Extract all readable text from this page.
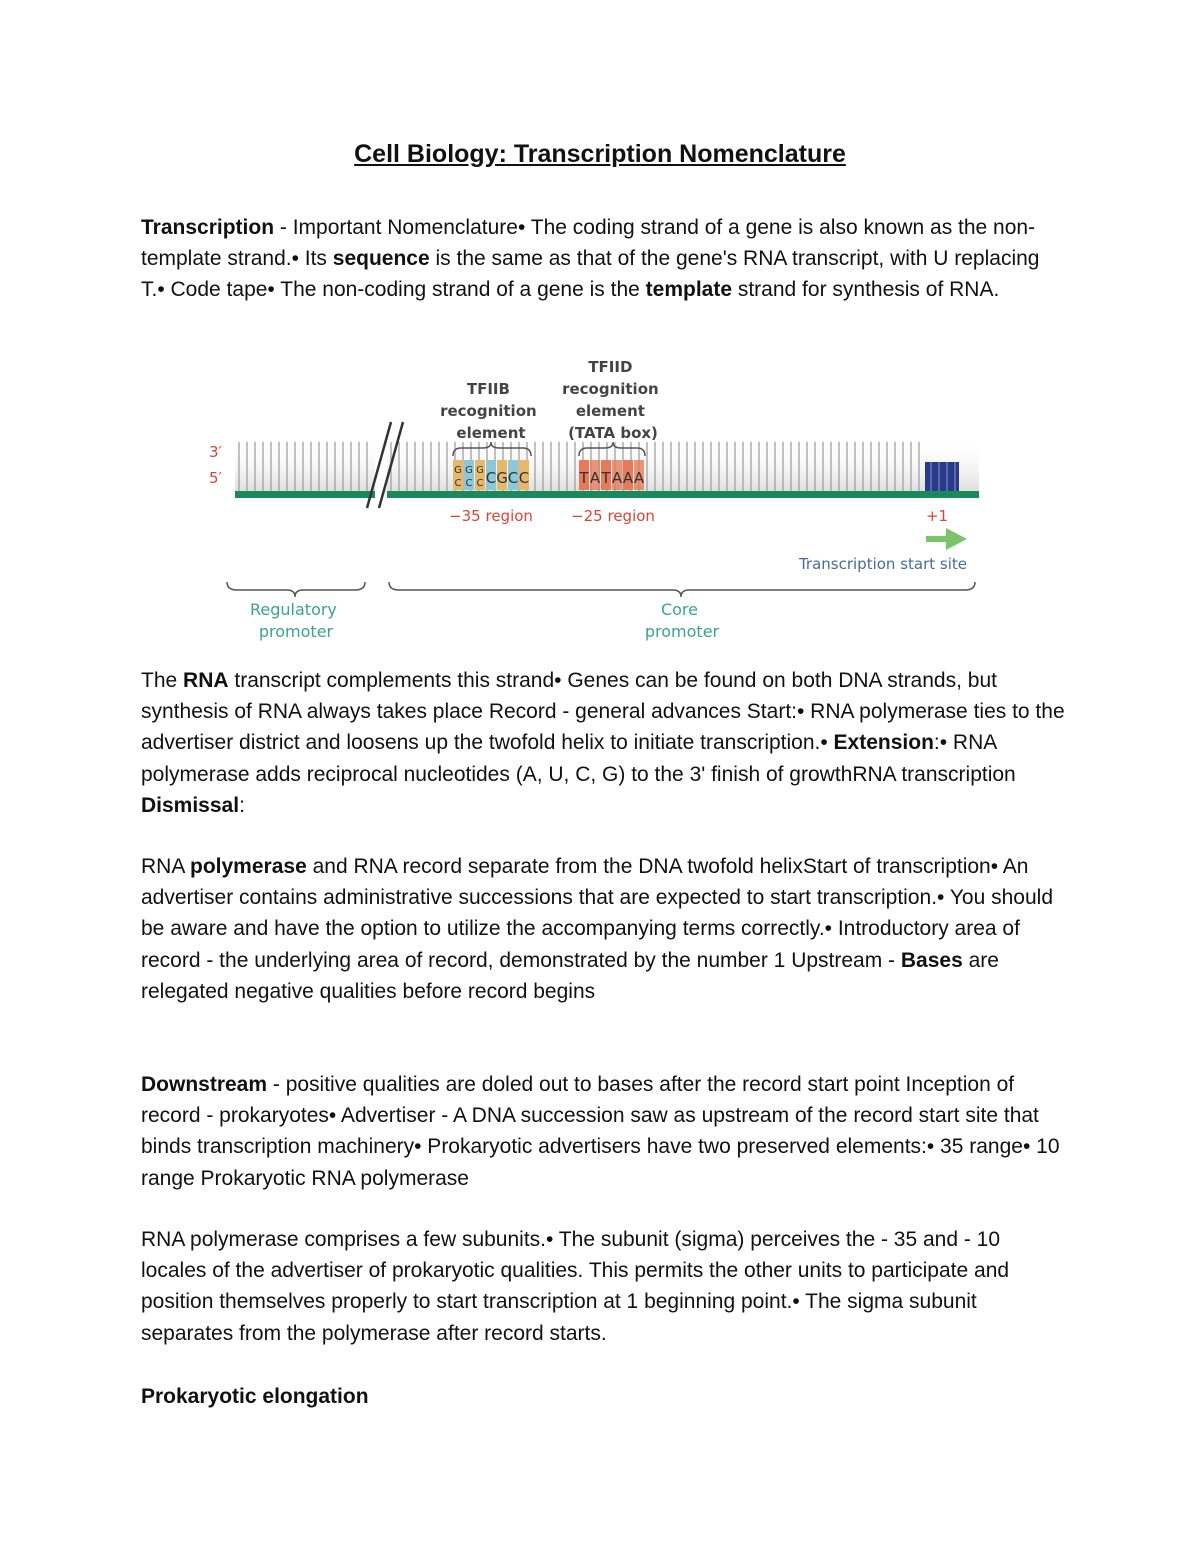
Cell Biology: Transcription Nomenclature

Transcription - Important Nomenclature• The coding strand of a gene is also known as the non-template strand.• Its sequence is the same as that of the gene's RNA transcript, with U replacing T.• Code tape• The non-coding strand of a gene is the template strand for synthesis of RNA.

3′
5′
TFIIB recognition element
TFIID recognition element (TATA box)
G
C
G
C
G
C C G C C	T A T A A A
−35 region	−25 region	+1
Transcription start site
Regulatory promoter
Core promoter

The RNA transcript complements this strand• Genes can be found on both DNA strands, but synthesis of RNA always takes place Record - general advances Start:• RNA polymerase ties to the advertiser district and loosens up the twofold helix to initiate transcription.• Extension:• RNA polymerase adds reciprocal nucleotides (A, U, C, G) to the 3' finish of growthRNA transcription Dismissal:

RNA polymerase and RNA record separate from the DNA twofold helixStart of transcription• An advertiser contains administrative successions that are expected to start transcription.• You should be aware and have the option to utilize the accompanying terms correctly.• Introductory area of record - the underlying area of record, demonstrated by the number 1 Upstream - Bases are relegated negative qualities before record begins

Downstream - positive qualities are doled out to bases after the record start point Inception of record - prokaryotes• Advertiser - A DNA succession saw as upstream of the record start site that binds transcription machinery• Prokaryotic advertisers have two preserved elements:• 35 range• 10 range Prokaryotic RNA polymerase

RNA polymerase comprises a few subunits.• The subunit (sigma) perceives the - 35 and - 10 locales of the advertiser of prokaryotic qualities. This permits the other units to participate and position themselves properly to start transcription at 1 beginning point.• The sigma subunit separates from the polymerase after record starts.

Prokaryotic elongation
